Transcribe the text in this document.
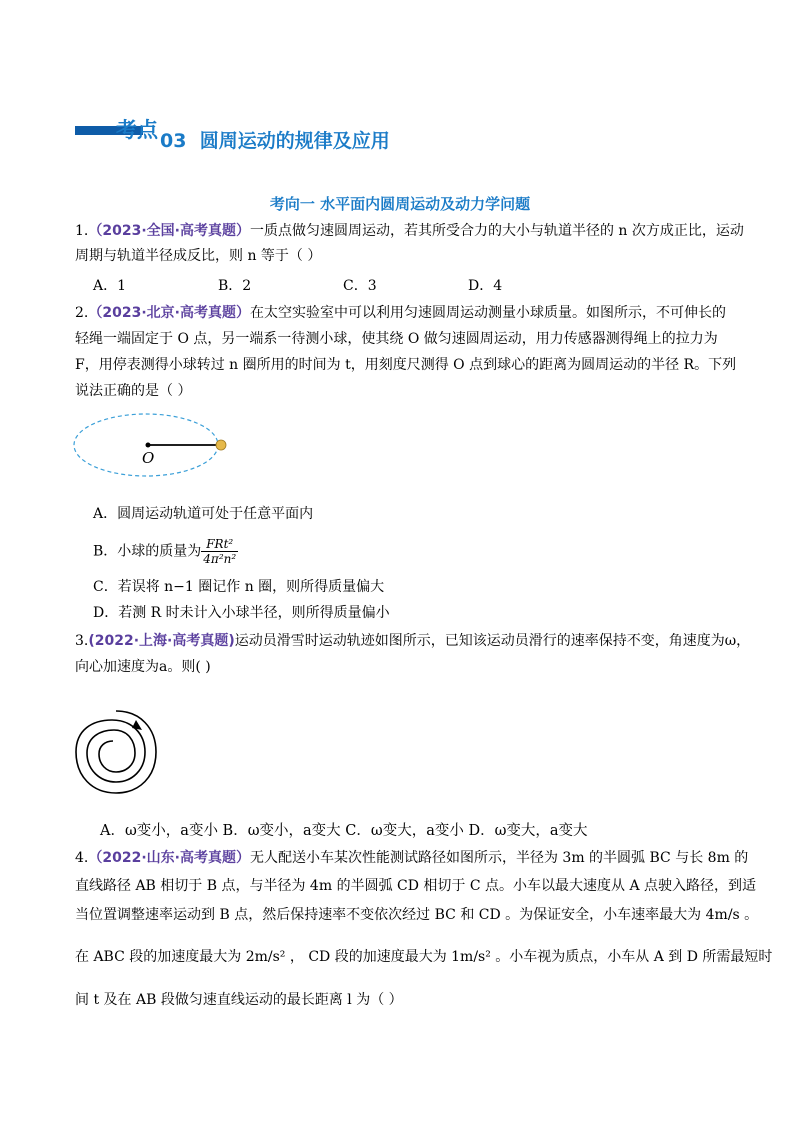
考点 03 圆周运动的规律及应用
考向一 水平面内圆周运动及动力学问题
1.（2023·全国·高考真题）一质点做匀速圆周运动，若其所受合力的大小与轨道半径的 n 次方成正比，运动
周期与轨道半径成反比，则 n 等于（ ）
A．1	B．2	C．3	D．4
2.（2023·北京·高考真题）在太空实验室中可以利用匀速圆周运动测量小球质量。如图所示，不可伸长的
轻绳一端固定于 O 点，另一端系一待测小球，使其绕 O 做匀速圆周运动，用力传感器测得绳上的拉力为
F，用停表测得小球转过 n 圈所用的时间为 t，用刻度尺测得 O 点到球心的距离为圆周运动的半径 R。下列
说法正确的是（ ）
O
A．圆周运动轨道可处于任意平面内
B．小球的质量为 $\frac{\text{FRt²}}{\text{4π²n²}}$
C．若误将 n−1 圈记作 n 圈，则所得质量偏大
D．若测 R 时未计入小球半径，则所得质量偏小
3.(2022·上海·高考真题)运动员滑雪时运动轨迹如图所示，已知该运动员滑行的速率保持不变，角速度为ω，
向心加速度为a。则( )
A．ω变小，a变小 B．ω变小，a变大 C．ω变大，a变小 D．ω变大，a变大
4.（2022·山东·高考真题）无人配送小车某次性能测试路径如图所示，半径为 3m 的半圆弧 BC 与长 8m 的
直线路径 AB 相切于 B 点，与半径为 4m 的半圆弧 CD 相切于 C 点。小车以最大速度从 A 点驶入路径，到适
当位置调整速率运动到 B 点，然后保持速率不变依次经过 BC 和 CD 。为保证安全，小车速率最大为 4m/s 。
在 ABC 段的加速度最大为 2m/s² ， CD 段的加速度最大为 1m/s² 。小车视为质点，小车从 A 到 D 所需最短时
间 t 及在 AB 段做匀速直线运动的最长距离 l 为（ ）
